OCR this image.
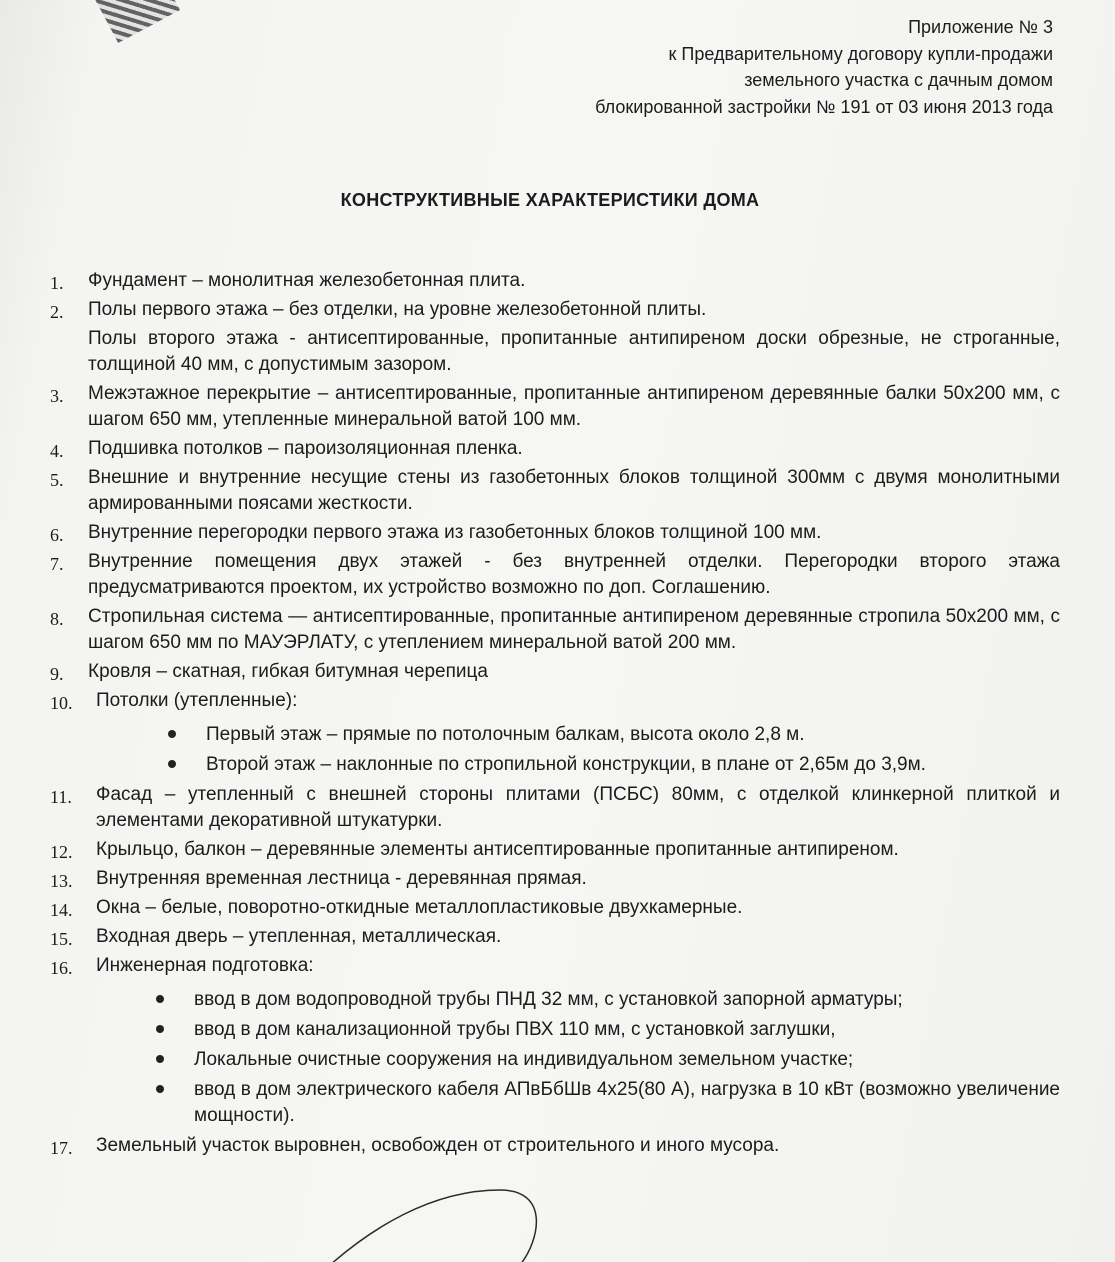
Приложение № 3
к Предварительному договору купли-продажи
земельного участка с дачным домом
блокированной застройки № 191 от 03 июня 2013 года
КОНСТРУКТИВНЫЕ ХАРАКТЕРИСТИКИ ДОМА
1.	Фундамент – монолитная железобетонная плита.
2.	Полы первого этажа – без отделки, на уровне железобетонной плиты.
Полы второго этажа - антисептированные, пропитанные антипиреном доски обрезные, не строганные, толщиной 40 мм, с допустимым зазором.
3.	Межэтажное перекрытие – антисептированные, пропитанные антипиреном деревянные балки 50х200 мм, с шагом 650 мм, утепленные минеральной ватой 100 мм.
4.	Подшивка потолков – пароизоляционная пленка.
5.	Внешние и внутренние несущие стены из газобетонных блоков толщиной 300мм с двумя монолитными армированными поясами жесткости.
6.	Внутренние перегородки первого этажа из газобетонных блоков толщиной 100 мм.
7.	Внутренние помещения двух этажей - без внутренней отделки. Перегородки второго этажа предусматриваются проектом, их устройство возможно по доп. Соглашению.
8.	Стропильная система — антисептированные, пропитанные антипиреном деревянные стропила 50х200 мм, с шагом 650 мм по МАУЭРЛАТУ, с утеплением минеральной ватой 200 мм.
9.	Кровля – скатная, гибкая битумная черепица
10.	Потолки (утепленные):
Первый этаж – прямые по потолочным балкам, высота около 2,8 м.
Второй этаж – наклонные по стропильной конструкции, в плане от 2,65м до 3,9м.
11.	Фасад – утепленный с внешней стороны плитами (ПСБС) 80мм, с отделкой клинкерной плиткой и элементами декоративной штукатурки.
12.	Крыльцо, балкон – деревянные элементы антисептированные пропитанные антипиреном.
13.	Внутренняя временная лестница - деревянная прямая.
14.	Окна – белые, поворотно-откидные металлопластиковые двухкамерные.
15.	Входная дверь – утепленная, металлическая.
16.	Инженерная подготовка:
ввод в дом водопроводной трубы ПНД 32 мм, с установкой запорной арматуры;
ввод в дом канализационной трубы ПВХ 110 мм, с установкой заглушки,
Локальные очистные сооружения на индивидуальном земельном участке;
ввод в дом электрического кабеля АПвБбШв 4х25(80 А), нагрузка в 10 кВт (возможно увеличение мощности).
17.	Земельный участок выровнен, освобожден от строительного и иного мусора.
